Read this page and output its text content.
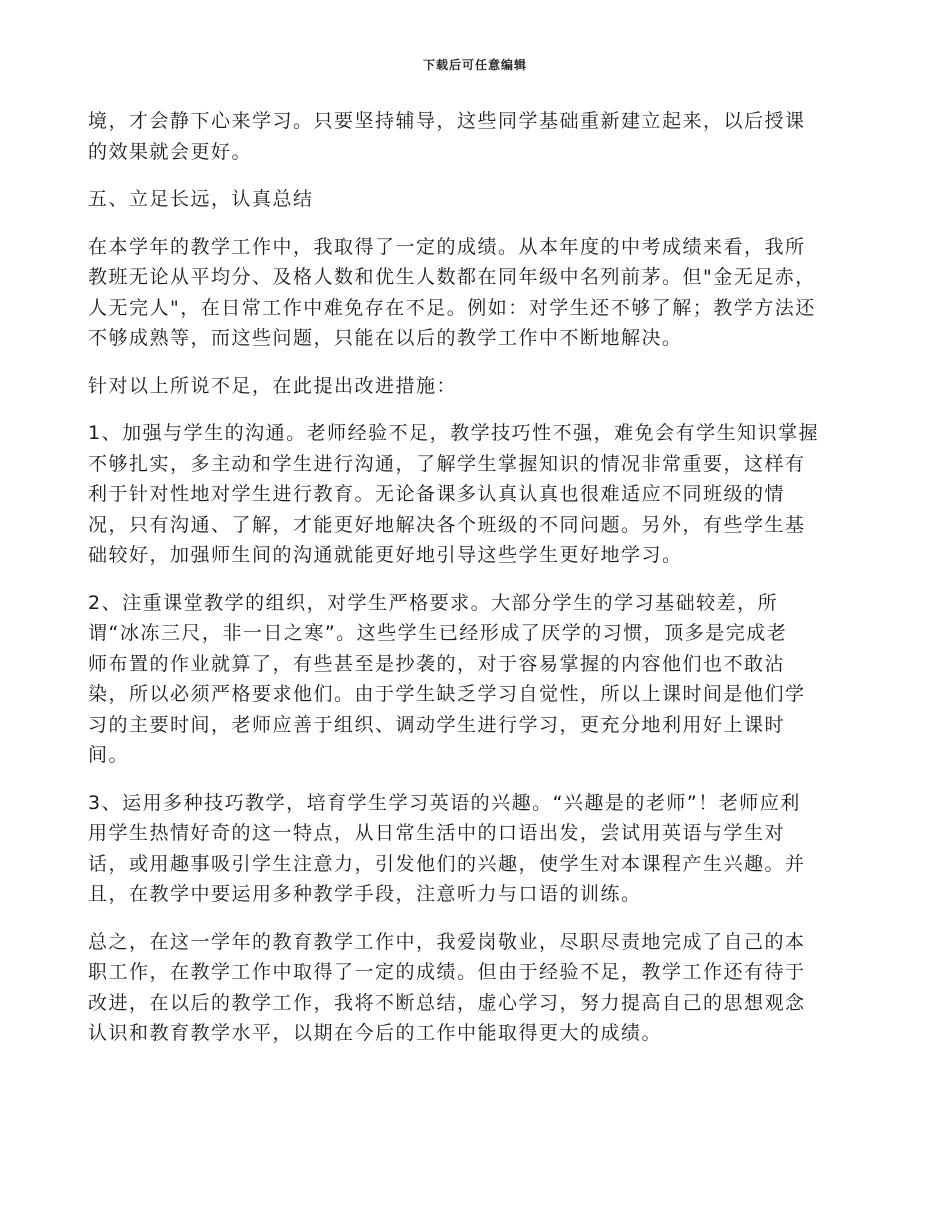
下载后可任意编辑

境，才会静下心来学习。只要坚持辅导，这些同学基础重新建立起来，以后授课
的效果就会更好。

五、立足长远，认真总结

在本学年的教学工作中，我取得了一定的成绩。从本年度的中考成绩来看，我所
教班无论从平均分、及格人数和优生人数都在同年级中名列前茅。但"金无足赤，
人无完人"，在日常工作中难免存在不足。例如：对学生还不够了解；教学方法还
不够成熟等，而这些问题，只能在以后的教学工作中不断地解决。

针对以上所说不足，在此提出改进措施：

1、加强与学生的沟通。老师经验不足，教学技巧性不强，难免会有学生知识掌握
不够扎实，多主动和学生进行沟通，了解学生掌握知识的情况非常重要，这样有
利于针对性地对学生进行教育。无论备课多认真认真也很难适应不同班级的情
况，只有沟通、了解，才能更好地解决各个班级的不同问题。另外，有些学生基
础较好，加强师生间的沟通就能更好地引导这些学生更好地学习。

2、注重课堂教学的组织，对学生严格要求。大部分学生的学习基础较差，所
谓“冰冻三尺，非一日之寒”。这些学生已经形成了厌学的习惯，顶多是完成老
师布置的作业就算了，有些甚至是抄袭的，对于容易掌握的内容他们也不敢沾
染，所以必须严格要求他们。由于学生缺乏学习自觉性，所以上课时间是他们学
习的主要时间，老师应善于组织、调动学生进行学习，更充分地利用好上课时
间。

3、运用多种技巧教学，培育学生学习英语的兴趣。“兴趣是的老师”！老师应利
用学生热情好奇的这一特点，从日常生活中的口语出发，尝试用英语与学生对
话，或用趣事吸引学生注意力，引发他们的兴趣，使学生对本课程产生兴趣。并
且，在教学中要运用多种教学手段，注意听力与口语的训练。

总之，在这一学年的教育教学工作中，我爱岗敬业，尽职尽责地完成了自己的本
职工作，在教学工作中取得了一定的成绩。但由于经验不足，教学工作还有待于
改进，在以后的教学工作，我将不断总结，虚心学习，努力提高自己的思想观念
认识和教育教学水平，以期在今后的工作中能取得更大的成绩。
